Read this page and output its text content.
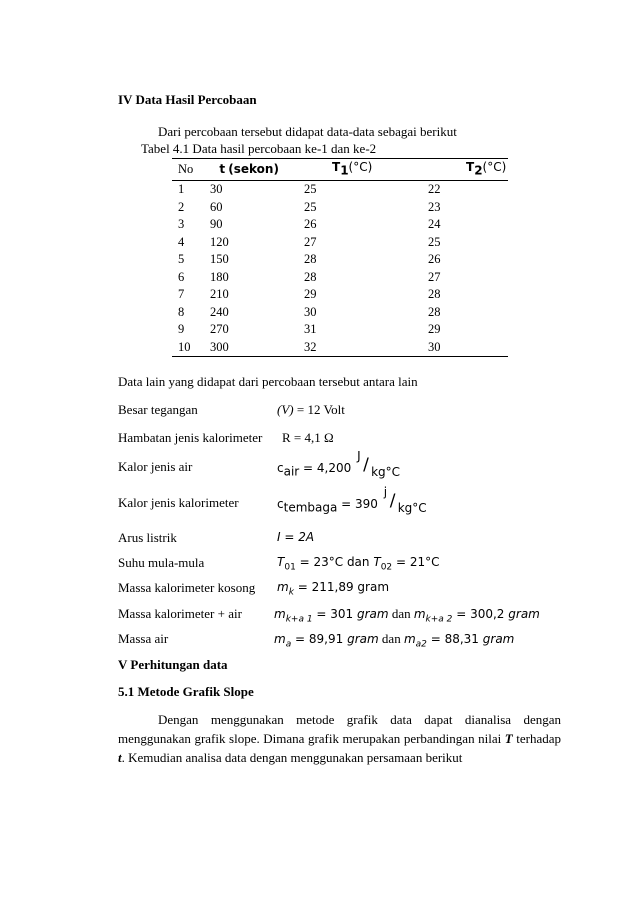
IV Data Hasil Percobaan
Dari percobaan tersebut didapat data-data sebagai berikut
Tabel 4.1 Data hasil percobaan ke-1 dan ke-2
No	t (sekon)	$T_1(^\circ C)$	$T_2(^\circ C)$
1	30	25	22
2	60	25	23
3	90	26	24
4	120	27	25
5	150	28	26
6	180	28	27
7	210	29	28
8	240	30	28
9	270	31	29
10	300	32	30
Data lain yang didapat dari percobaan tersebut antara lain
Besar tegangan	(V) = 12 Volt
Hambatan jenis kalorimeter R = 4,1 Ω
Kalor jenis air	$c_{air} = 4,200$
J / kg°C
Kalor jenis kalorimeter	$c_{tembaga} = 390$
j / kg°C
Arus listrik	I = 2A
Suhu mula-mula	$T_{01} = 23^\circ C$ dan $T_{02} = 21^\circ C$
Massa kalorimeter kosong $m_k = 211,89$ gram
Massa kalorimeter + air	$m_{k+a 1} = 301$ gram dan $m_{k+a 2} = 300,2$ gram
Massa air	$m_a = 89,91$ gram dan $m_{a2} = 88,31$ gram
V Perhitungan data
5.1 Metode Grafik Slope
Dengan menggunakan metode grafik data dapat dianalisa dengan menggunakan grafik slope. Dimana grafik merupakan perbandingan nilai T terhadap t. Kemudian analisa data dengan menggunakan persamaan berikut
